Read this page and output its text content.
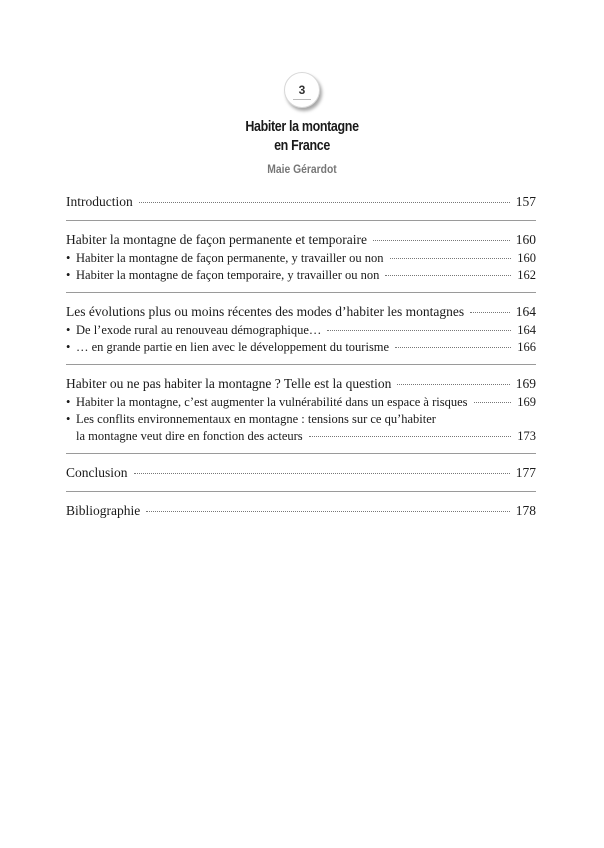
3
Habiter la montagne
en France
Maie Gérardot
Introduction	157
Habiter la montagne de façon permanente et temporaire	160
• Habiter la montagne de façon permanente, y travailler ou non	160
• Habiter la montagne de façon temporaire, y travailler ou non	162
Les évolutions plus ou moins récentes des modes d’habiter les montagnes	164
• De l’exode rural au renouveau démographique…	164
• … en grande partie en lien avec le développement du tourisme	166
Habiter ou ne pas habiter la montagne ? Telle est la question	169
• Habiter la montagne, c’est augmenter la vulnérabilité dans un espace à risques	169
• Les conflits environnementaux en montagne : tensions sur ce qu’habiter
la montagne veut dire en fonction des acteurs	173
Conclusion	177
Bibliographie	178
